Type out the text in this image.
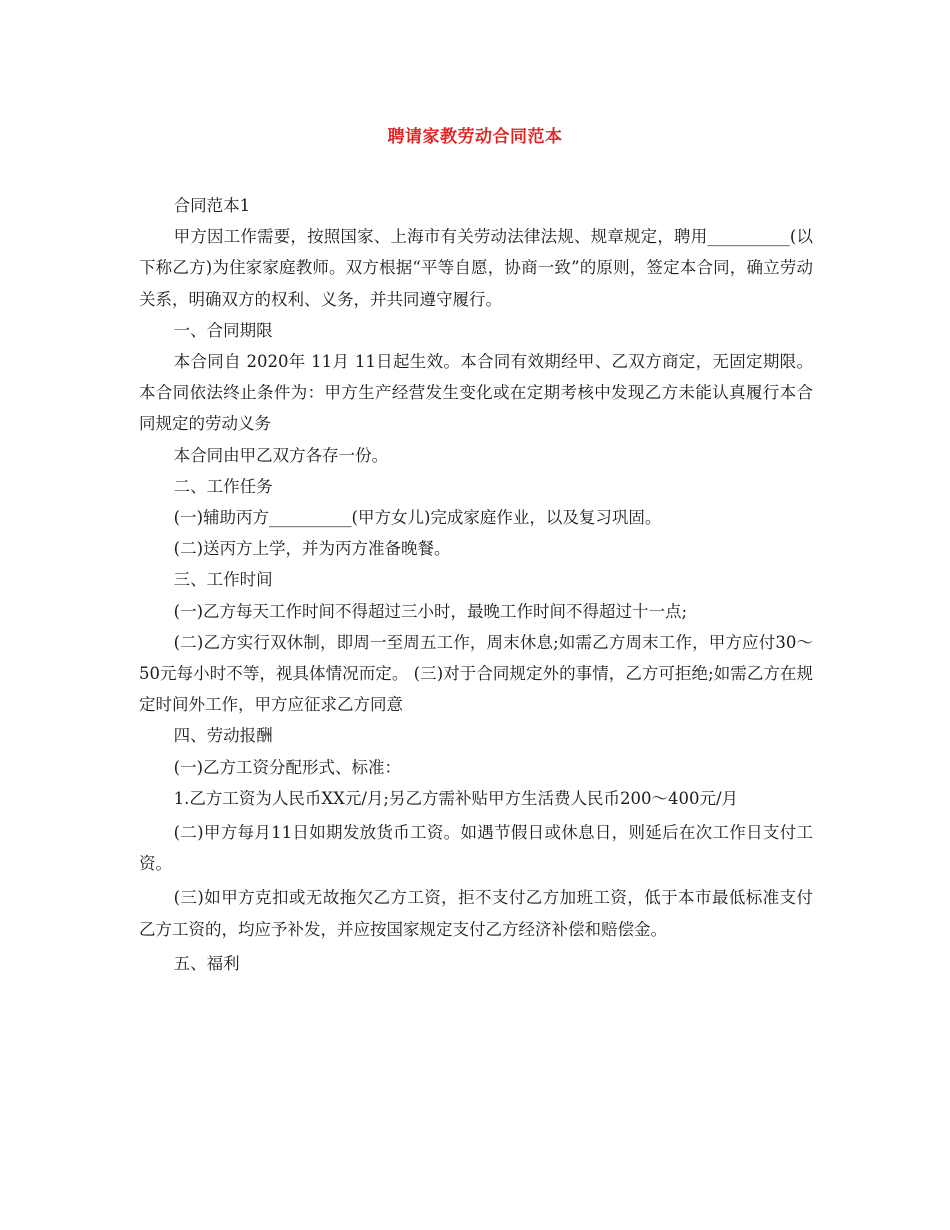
聘请家教劳动合同范本

合同范本1

甲方因工作需要，按照国家、上海市有关劳动法律法规、规章规定，聘用__________(以下称乙方)为住家家庭教师。双方根据“平等自愿，协商一致”的原则，签定本合同，确立劳动关系，明确双方的权利、义务，并共同遵守履行。

一、合同期限

本合同自 2020年 11月 11日起生效。本合同有效期经甲、乙双方商定，无固定期限。本合同依法终止条件为：甲方生产经营发生变化或在定期考核中发现乙方未能认真履行本合同规定的劳动义务

本合同由甲乙双方各存一份。

二、工作任务

(一)辅助丙方__________(甲方女儿)完成家庭作业，以及复习巩固。

(二)送丙方上学，并为丙方准备晚餐。

三、工作时间

(一)乙方每天工作时间不得超过三小时，最晚工作时间不得超过十一点;

(二)乙方实行双休制，即周一至周五工作，周末休息;如需乙方周末工作，甲方应付30～50元每小时不等，视具体情况而定。 (三)对于合同规定外的事情，乙方可拒绝;如需乙方在规定时间外工作，甲方应征求乙方同意

四、劳动报酬

(一)乙方工资分配形式、标准：

1.乙方工资为人民币XX元/月;另乙方需补贴甲方生活费人民币200～400元/月

(二)甲方每月11日如期发放货币工资。如遇节假日或休息日，则延后在次工作日支付工资。

(三)如甲方克扣或无故拖欠乙方工资，拒不支付乙方加班工资，低于本市最低标准支付乙方工资的，均应予补发，并应按国家规定支付乙方经济补偿和赔偿金。

五、福利
